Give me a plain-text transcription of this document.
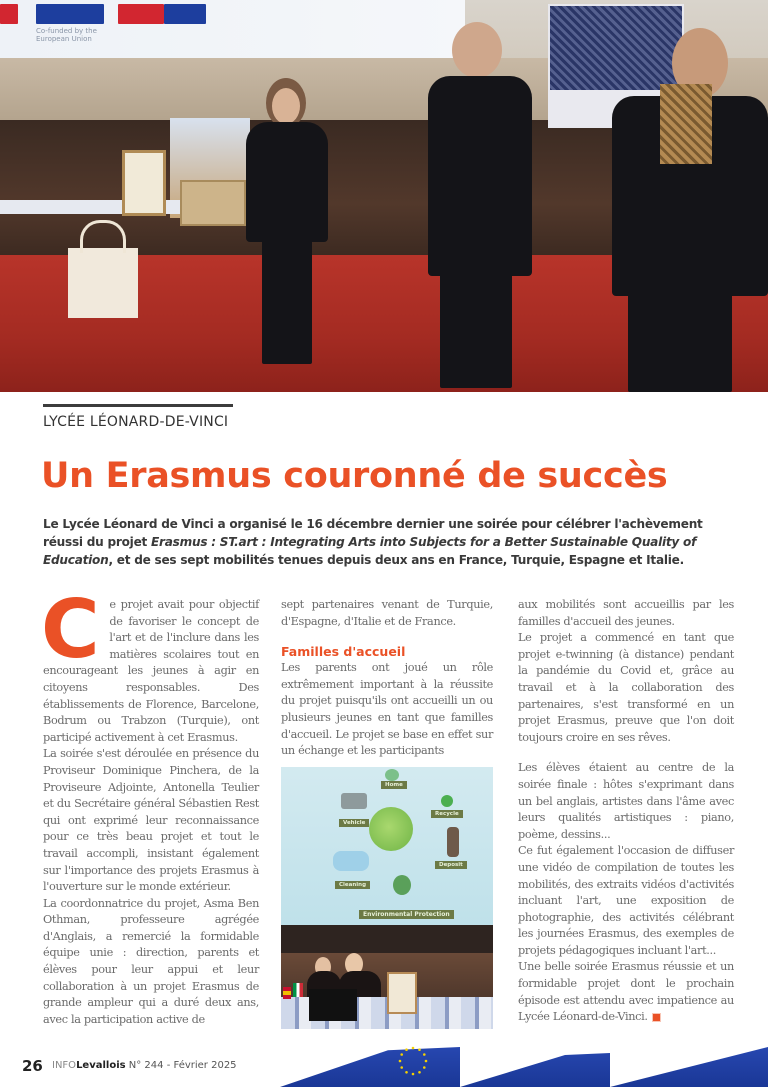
Co-funded by the
European Union
LYCÉE LÉONARD-DE-VINCI
Un Erasmus couronné de succès
Le Lycée Léonard de Vinci a organisé le 16 décembre dernier une soirée pour célébrer l'achèvement réussi du projet Erasmus : ST.art : Integrating Arts into Subjects for a Better Sustainable Quality of Education, et de ses sept mobilités tenues depuis deux ans en France, Turquie, Espagne et Italie.
C e projet avait pour objectif de favoriser le concept de l'art et de l'inclure dans les matières scolaires tout en encourageant les jeunes à agir en citoyens responsables. Des établissements de Florence, Barcelone, Bodrum ou Trabzon (Turquie), ont participé activement à cet Erasmus.

La soirée s'est déroulée en présence du Proviseur Dominique Pinchera, de la Proviseure Adjointe, Antonella Teulier et du Secrétaire général Sébastien Rest qui ont exprimé leur reconnaissance pour ce très beau projet et tout le travail accompli, insistant également sur l'importance des projets Erasmus à l'ouverture sur le monde extérieur.

La coordonnatrice du projet, Asma Ben Othman, professeure agrégée d'Anglais, a remercié la formidable équipe unie : direction, parents et élèves pour leur appui et leur collaboration à un projet Erasmus de grande ampleur qui a duré deux ans, avec la participation active de

sept partenaires venant de Turquie, d'Espagne, d'Italie et de France.

Familles d'accueil

Les parents ont joué un rôle extrêmement important à la réussite du projet puisqu'ils ont accueilli un ou plusieurs jeunes en tant que familles d'accueil. Le projet se base en effet sur un échange et les participants

Home
Vehicle
Recycle
Deposit
Cleaning
Environmental Protection

aux mobilités sont accueillis par les familles d'accueil des jeunes.

Le projet a commencé en tant que projet e-twinning (à distance) pendant la pandémie du Covid et, grâce au travail et à la collaboration des partenaires, s'est transformé en un projet Erasmus, preuve que l'on doit toujours croire en ses rêves.

Les élèves étaient au centre de la soirée finale : hôtes s'exprimant dans un bel anglais, artistes dans l'âme avec leurs qualités artistiques : piano, poème, dessins...

Ce fut également l'occasion de diffuser une vidéo de compilation de toutes les mobilités, des extraits vidéos d'activités incluant l'art, une exposition de photographie, des activités célébrant les journées Erasmus, des exemples de projets pédagogiques incluant l'art...

Une belle soirée Erasmus réussie et un formidable projet dont le prochain épisode est attendu avec impatience au Lycée Léonard-de-Vinci.

26 INFOLevallois N° 244 - Février 2025
